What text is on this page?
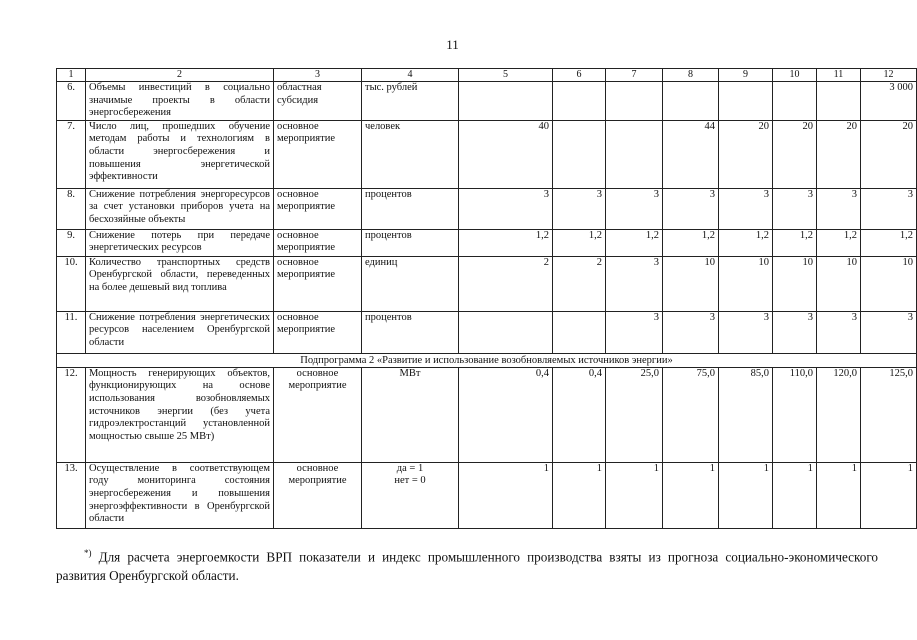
11
1	2	3	4	5	6	7	8	9	10	11	12
6.	Объемы инвестиций в социально значимые проекты в области энергосбережения	областная субсидия	тыс. рублей								3 000
7.	Число лиц, прошедших обучение методам работы и технологиям в области энергосбережения и повышения энергетической эффективности	основное мероприятие	человек	40			44	20	20	20	20
8.	Снижение потребления энергоресурсов за счет установки приборов учета на бесхозяйные объекты	основное мероприятие	процентов	3	3	3	3	3	3	3	3
9.	Снижение потерь при передаче энергетических ресурсов	основное мероприятие	процентов	1,2	1,2	1,2	1,2	1,2	1,2	1,2	1,2
10.	Количество транспортных средств Оренбургской области, переведенных на более дешевый вид топлива	основное мероприятие	единиц	2	2	3	10	10	10	10	10
11.	Снижение потребления энергетических ресурсов населением Оренбургской области	основное мероприятие	процентов			3	3	3	3	3	3
Подпрограмма 2 «Развитие и использование возобновляемых источников энергии»											
12.	Мощность генерирующих объектов, функционирующих на основе использования возобновляемых источников энергии (без учета гидроэлектростанций установленной мощностью свыше 25 МВт)	основное мероприятие	МВт	0,4	0,4	25,0	75,0	85,0	110,0	120,0	125,0
13.	Осуществление в соответствующем году мониторинга состояния энергосбережения и повышения энергоэффективности в Оренбургской области	основное мероприятие	да = 1
нет = 0	1	1	1	1	1	1	1	1
*) Для расчета энергоемкости ВРП показатели и индекс промышленного производства взяты из прогноза социально-экономического развития Оренбургской области.
